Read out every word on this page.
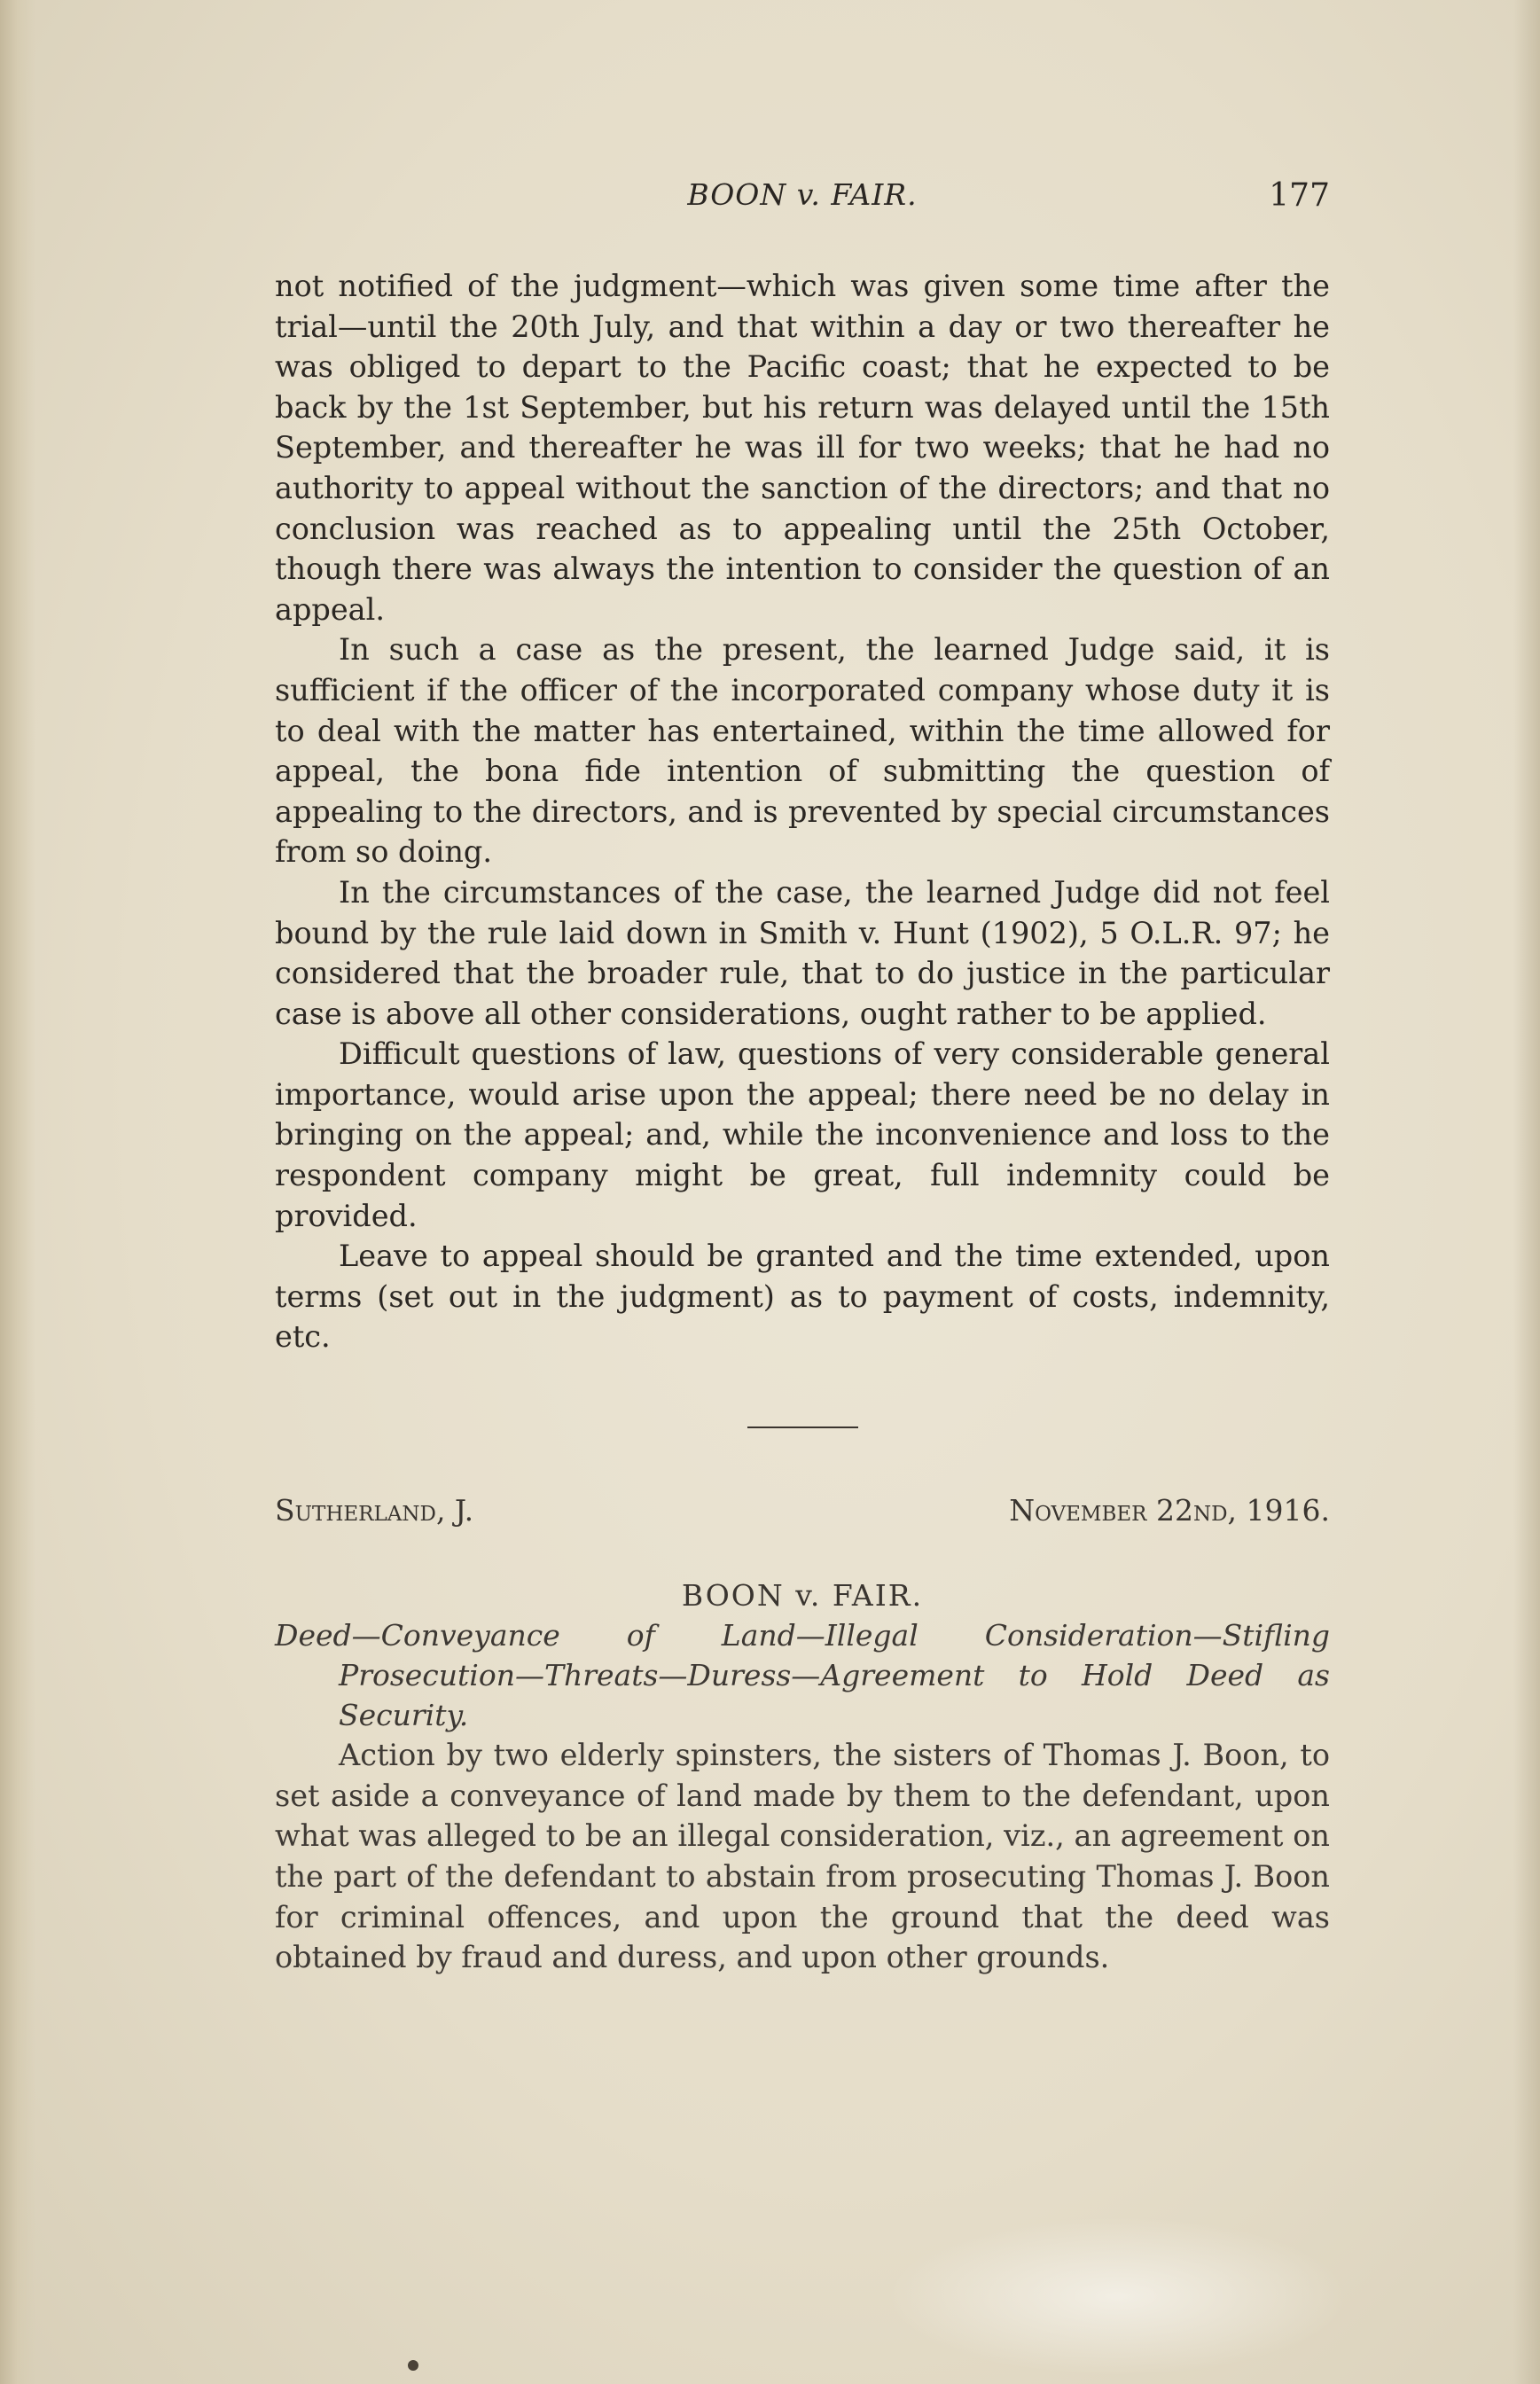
BOON v. FAIR.	177

not notified of the judgment—which was given some time after the trial—until the 20th July, and that within a day or two thereafter he was obliged to depart to the Pacific coast; that he expected to be back by the 1st September, but his return was delayed until the 15th September, and thereafter he was ill for two weeks; that he had no authority to appeal without the sanction of the directors; and that no conclusion was reached as to appealing until the 25th October, though there was always the intention to consider the question of an appeal.

In such a case as the present, the learned Judge said, it is sufficient if the officer of the incorporated company whose duty it is to deal with the matter has entertained, within the time allowed for appeal, the bona fide intention of submitting the question of appealing to the directors, and is prevented by special circumstances from so doing.

In the circumstances of the case, the learned Judge did not feel bound by the rule laid down in Smith v. Hunt (1902), 5 O.L.R. 97; he considered that the broader rule, that to do justice in the particular case is above all other considerations, ought rather to be applied.

Difficult questions of law, questions of very considerable general importance, would arise upon the appeal; there need be no delay in bringing on the appeal; and, while the inconvenience and loss to the respondent company might be great, full indemnity could be provided.

Leave to appeal should be granted and the time extended, upon terms (set out in the judgment) as to payment of costs, indemnity, etc.

Sutherland, J.	November 22nd, 1916.
BOON v. FAIR.

Deed—Conveyance of Land—Illegal Consideration—Stifling Prosecution—Threats—Duress—Agreement to Hold Deed as Security.

Action by two elderly spinsters, the sisters of Thomas J. Boon, to set aside a conveyance of land made by them to the defendant, upon what was alleged to be an illegal consideration, viz., an agreement on the part of the defendant to abstain from prosecuting Thomas J. Boon for criminal offences, and upon the ground that the deed was obtained by fraud and duress, and upon other grounds.
